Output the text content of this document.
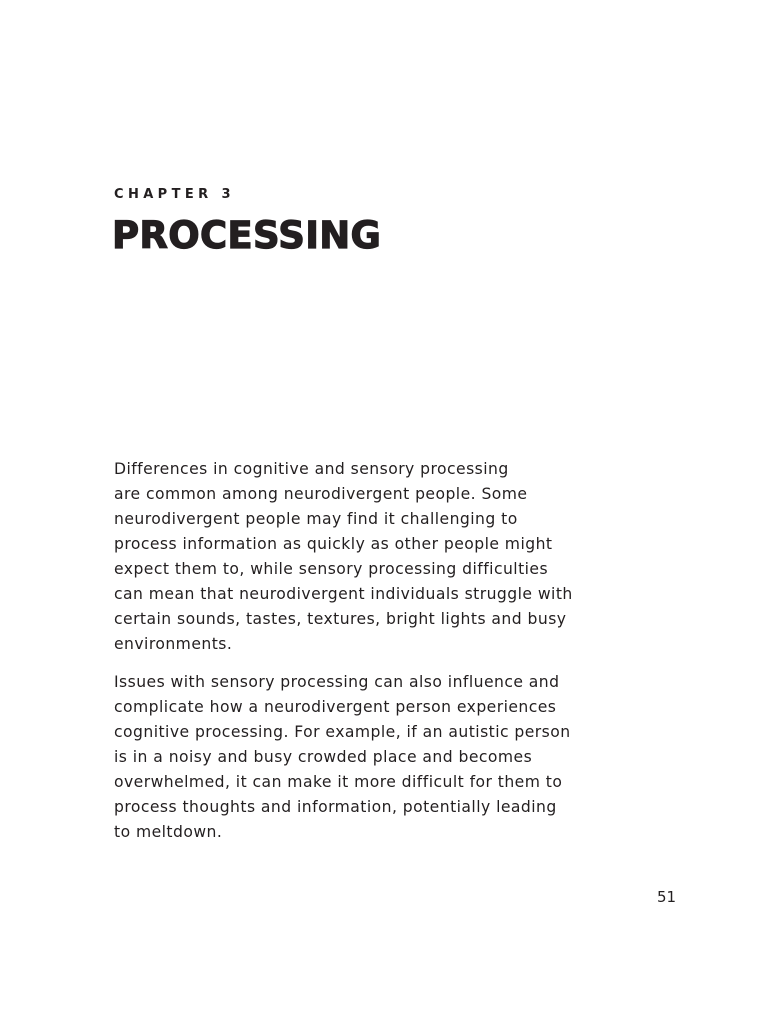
CHAPTER 3
PROCESSING

Differences in cognitive and sensory processing
are common among neurodivergent people. Some
neurodivergent people may find it challenging to
process information as quickly as other people might
expect them to, while sensory processing difficulties
can mean that neurodivergent individuals struggle with
certain sounds, tastes, textures, bright lights and busy
environments.

Issues with sensory processing can also influence and
complicate how a neurodivergent person experiences
cognitive processing. For example, if an autistic person
is in a noisy and busy crowded place and becomes
overwhelmed, it can make it more difficult for them to
process thoughts and information, potentially leading
to meltdown.

51
